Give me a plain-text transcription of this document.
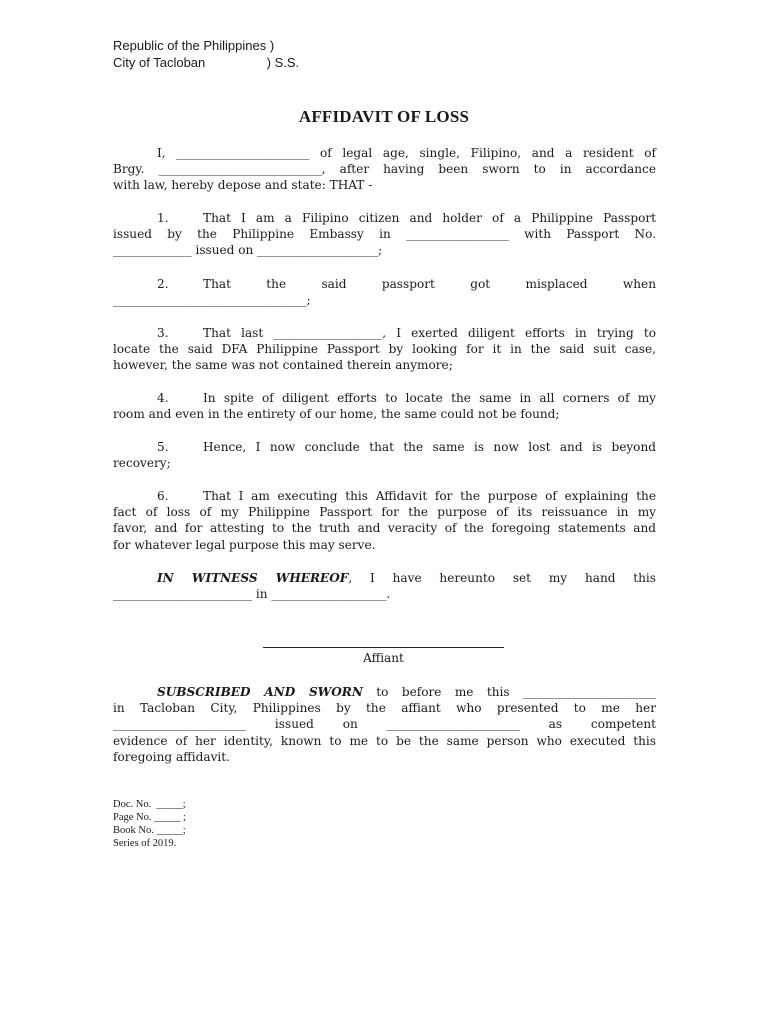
Republic of the Philippines )
City of Tacloban                 ) S.S.
AFFIDAVIT OF LOSS
I, ______________________ of legal age, single, Filipino, and a resident of
Brgy. ___________________________, after having been sworn to in accordance
with law, hereby depose and state: THAT -
1.	That I am a Filipino citizen and holder of a Philippine Passport
issued by the Philippine Embassy in _________________ with Passport No.
_____________ issued on ____________________;
2.	That the said passport got misplaced when
________________________________;
3.	That last __________________, I exerted diligent efforts in trying to
locate the said DFA Philippine Passport by looking for it in the said suit case,
however, the same was not contained therein anymore;
4.	In spite of diligent efforts to locate the same in all corners of my
room and even in the entirety of our home, the same could not be found;
5.	Hence, I now conclude that the same is now lost and is beyond
recovery;
6.	That I am executing this Affidavit for the purpose of explaining the
fact of loss of my Philippine Passport for the purpose of its reissuance in my
favor, and for attesting to the truth and veracity of the foregoing statements and
for whatever legal purpose this may serve.
IN WITNESS WHEREOF, I have hereunto set my hand this
_______________________ in ___________________.
Affiant
SUBSCRIBED AND SWORN to before me this ______________________
in Tacloban City, Philippines by the affiant who presented to me her
______________________ issued on ______________________ as competent
evidence of her identity, known to me to be the same person who executed this
foregoing affidavit.
Doc. No.  _____;
Page No. _____ ;
Book No. _____;
Series of 2019.
